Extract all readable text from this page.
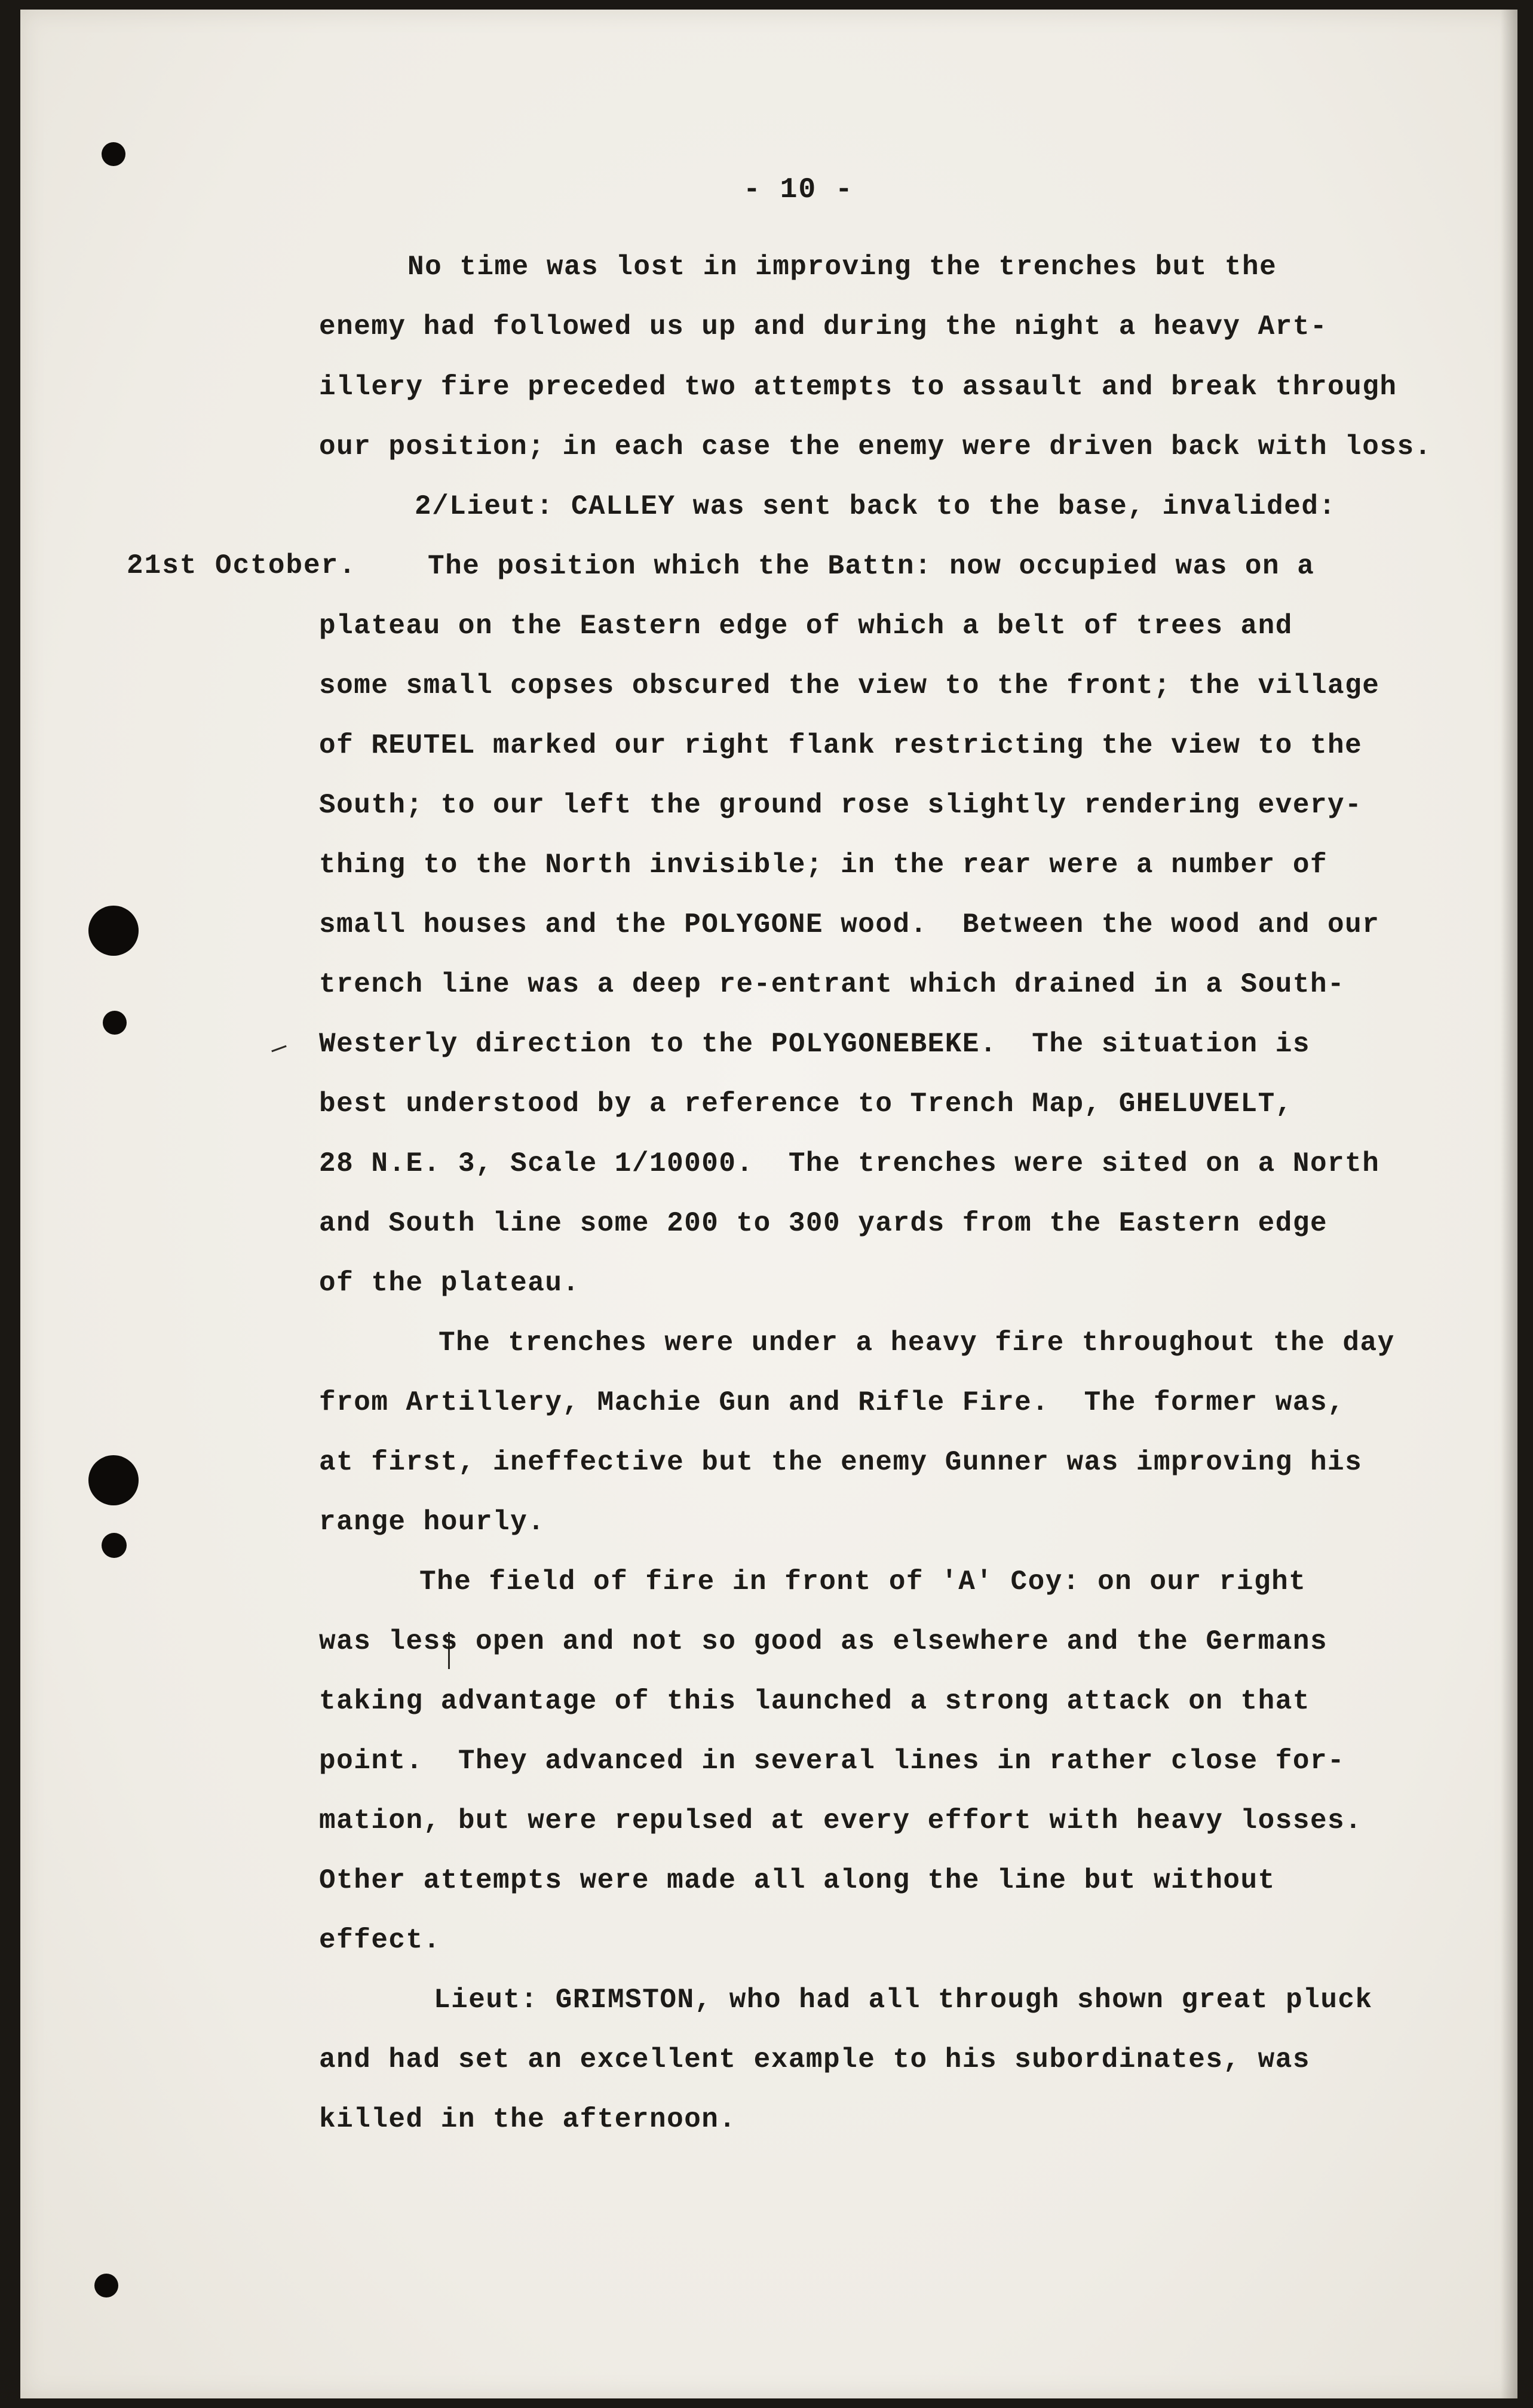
- 10 -
21st October.
No time was lost in improving the trenches but the
enemy had followed us up and during the night a heavy Art-
illery fire preceded two attempts to assault and break through
our position; in each case the enemy were driven back with loss.
2/Lieut: CALLEY was sent back to the base, invalided:
The position which the Battn: now occupied was on a
plateau on the Eastern edge of which a belt of trees and
some small copses obscured the view to the front; the village
of REUTEL marked our right flank restricting the view to the
South; to our left the ground rose slightly rendering every-
thing to the North invisible; in the rear were a number of
small houses and the POLYGONE wood.  Between the wood and our
trench line was a deep re-entrant which drained in a South-
Westerly direction to the POLYGONEBEKE.  The situation is
best understood by a reference to Trench Map, GHELUVELT,
28 N.E. 3, Scale 1/10000.  The trenches were sited on a North
and South line some 200 to 300 yards from the Eastern edge
of the plateau.
The trenches were under a heavy fire throughout the day
from Artillery, Machie Gun and Rifle Fire.  The former was,
at first, ineffective but the enemy Gunner was improving his
range hourly.
The field of fire in front of 'A' Coy: on our right
was less open and not so good as elsewhere and the Germans
taking advantage of this launched a strong attack on that
point.  They advanced in several lines in rather close for-
mation, but were repulsed at every effort with heavy losses.
Other attempts were made all along the line but without
effect.
Lieut: GRIMSTON, who had all through shown great pluck
and had set an excellent example to his subordinates, was
killed in the afternoon.
